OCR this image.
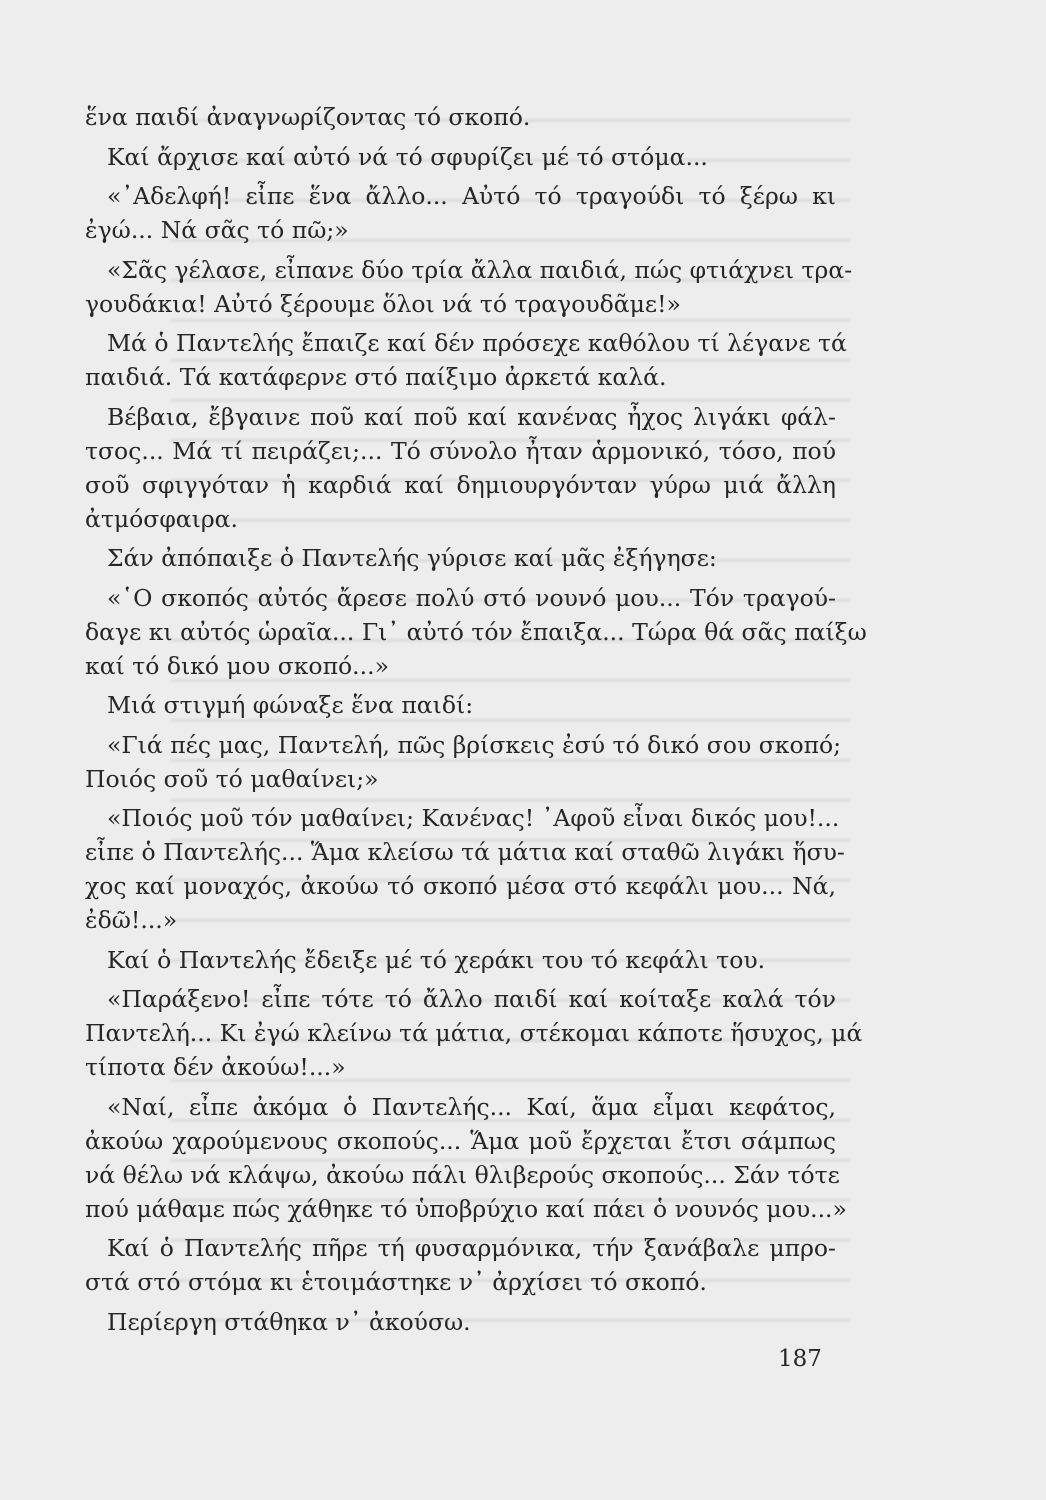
ἕνα παιδί ἀναγνωρίζοντας τό σκοπό.
Καί ἄρχισε καί αὐτό νά τό σφυρίζει μέ τό στόμα...
«᾽Αδελφή! εἶπε ἕνα ἄλλο... Αὐτό τό τραγούδι τό ξέρω κι
ἐγώ... Νά σᾶς τό πῶ;»
«Σᾶς γέλασε, εἶπανε δύο τρία ἄλλα παιδιά, πώς φτιάχνει τρα-
γουδάκια! Αὐτό ξέρουμε ὅλοι νά τό τραγουδᾶμε!»
Μά ὁ Παντελής ἔπαιζε καί δέν πρόσεχε καθόλου τί λέγανε τά
παιδιά. Τά κατάφερνε στό παίξιμο ἀρκετά καλά.
Βέβαια, ἔβγαινε ποῦ καί ποῦ καί κανένας ἦχος λιγάκι φάλ-
τσος... Μά τί πειράζει;... Τό σύνολο ἦταν ἁρμονικό, τόσο, πού
σοῦ σφιγγόταν ἡ καρδιά καί δημιουργόνταν γύρω μιά ἄλλη
ἀτμόσφαιρα.
Σάν ἀπόπαιξε ὁ Παντελής γύρισε καί μᾶς ἐξήγησε:
«῾Ο σκοπός αὐτός ἄρεσε πολύ στό νουνό μου... Τόν τραγού-
δαγε κι αὐτός ὡραῖα... Γι᾽ αὐτό τόν ἔπαιξα... Τώρα θά σᾶς παίξω
καί τό δικό μου σκοπό...»
Μιά στιγμή φώναξε ἕνα παιδί:
«Γιά πές μας, Παντελή, πῶς βρίσκεις ἐσύ τό δικό σου σκοπό;
Ποιός σοῦ τό μαθαίνει;»
«Ποιός μοῦ τόν μαθαίνει; Κανένας! ᾽Αφοῦ εἶναι δικός μου!...
εἶπε ὁ Παντελής... Ἅμα κλείσω τά μάτια καί σταθῶ λιγάκι ἥσυ-
χος καί μοναχός, ἀκούω τό σκοπό μέσα στό κεφάλι μου... Νά,
ἐδῶ!...»
Καί ὁ Παντελής ἔδειξε μέ τό χεράκι του τό κεφάλι του.
«Παράξενο! εἶπε τότε τό ἄλλο παιδί καί κοίταξε καλά τόν
Παντελή... Κι ἐγώ κλείνω τά μάτια, στέκομαι κάποτε ἥσυχος, μά
τίποτα δέν ἀκούω!...»
«Ναί, εἶπε ἀκόμα ὁ Παντελής... Καί, ἅμα εἶμαι κεφάτος,
ἀκούω χαρούμενους σκοπούς... Ἅμα μοῦ ἔρχεται ἔτσι σάμπως
νά θέλω νά κλάψω, ἀκούω πάλι θλιβερούς σκοπούς... Σάν τότε
πού μάθαμε πώς χάθηκε τό ὑποβρύχιο καί πάει ὁ νουνός μου...»
Καί ὁ Παντελής πῆρε τή φυσαρμόνικα, τήν ξανάβαλε μπρο-
στά στό στόμα κι ἑτοιμάστηκε ν᾽ ἀρχίσει τό σκοπό.
Περίεργη στάθηκα ν᾽ ἀκούσω.
187
